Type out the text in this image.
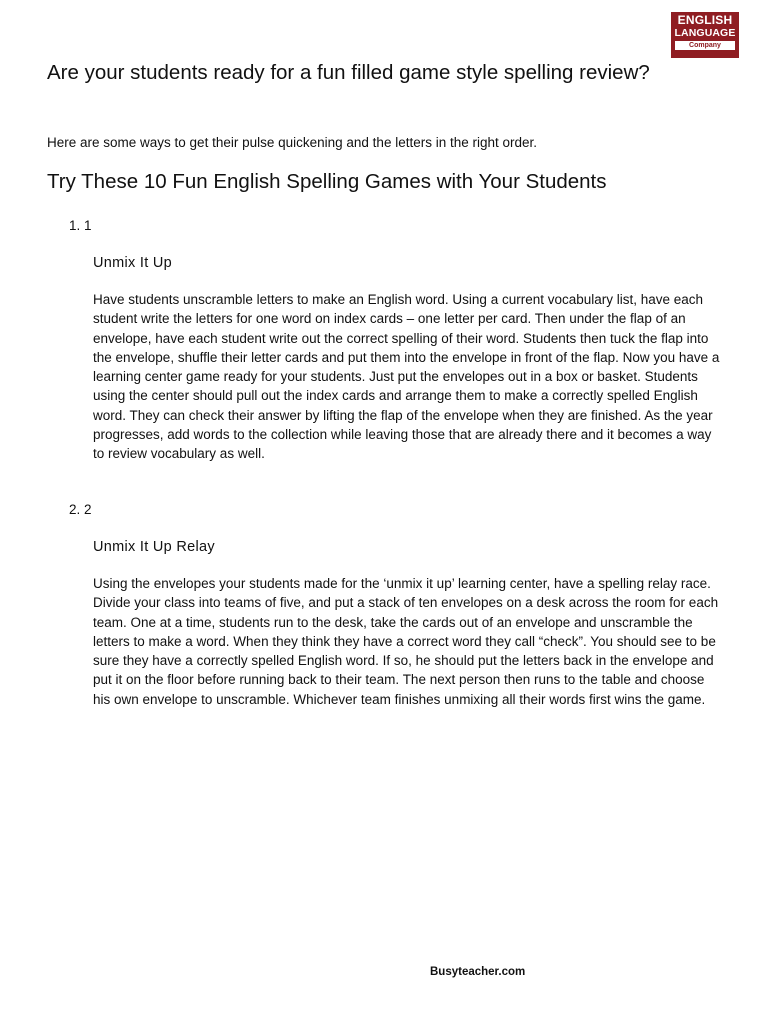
ENGLISH
LANGUAGE
Company
Malaysia
Are your students ready for a fun filled game style spelling review?

Here are some ways to get their pulse quickening and the letters in the right order.

Try These 10 Fun English Spelling Games with Your Students
1. 1
Unmix It Up

Have students unscramble letters to make an English word. Using a current vocabulary list, have each student write the letters for one word on index cards – one letter per card. Then under the flap of an envelope, have each student write out the correct spelling of their word. Students then tuck the flap into the envelope, shuffle their letter cards and put them into the envelope in front of the flap. Now you have a learning center game ready for your students. Just put the envelopes out in a box or basket. Students using the center should pull out the index cards and arrange them to make a correctly spelled English word. They can check their answer by lifting the flap of the envelope when they are finished. As the year progresses, add words to the collection while leaving those that are already there and it becomes a way to review vocabulary as well.

2. 2
Unmix It Up Relay

Using the envelopes your students made for the ‘unmix it up’ learning center, have a spelling relay race. Divide your class into teams of five, and put a stack of ten envelopes on a desk across the room for each team. One at a time, students run to the desk, take the cards out of an envelope and unscramble the letters to make a word. When they think they have a correct word they call “check”. You should see to be sure they have a correctly spelled English word. If so, he should put the letters back in the envelope and put it on the floor before running back to their team. The next person then runs to the table and choose his own envelope to unscramble. Whichever team finishes unmixing all their words first wins the game.

Busyteacher.com
